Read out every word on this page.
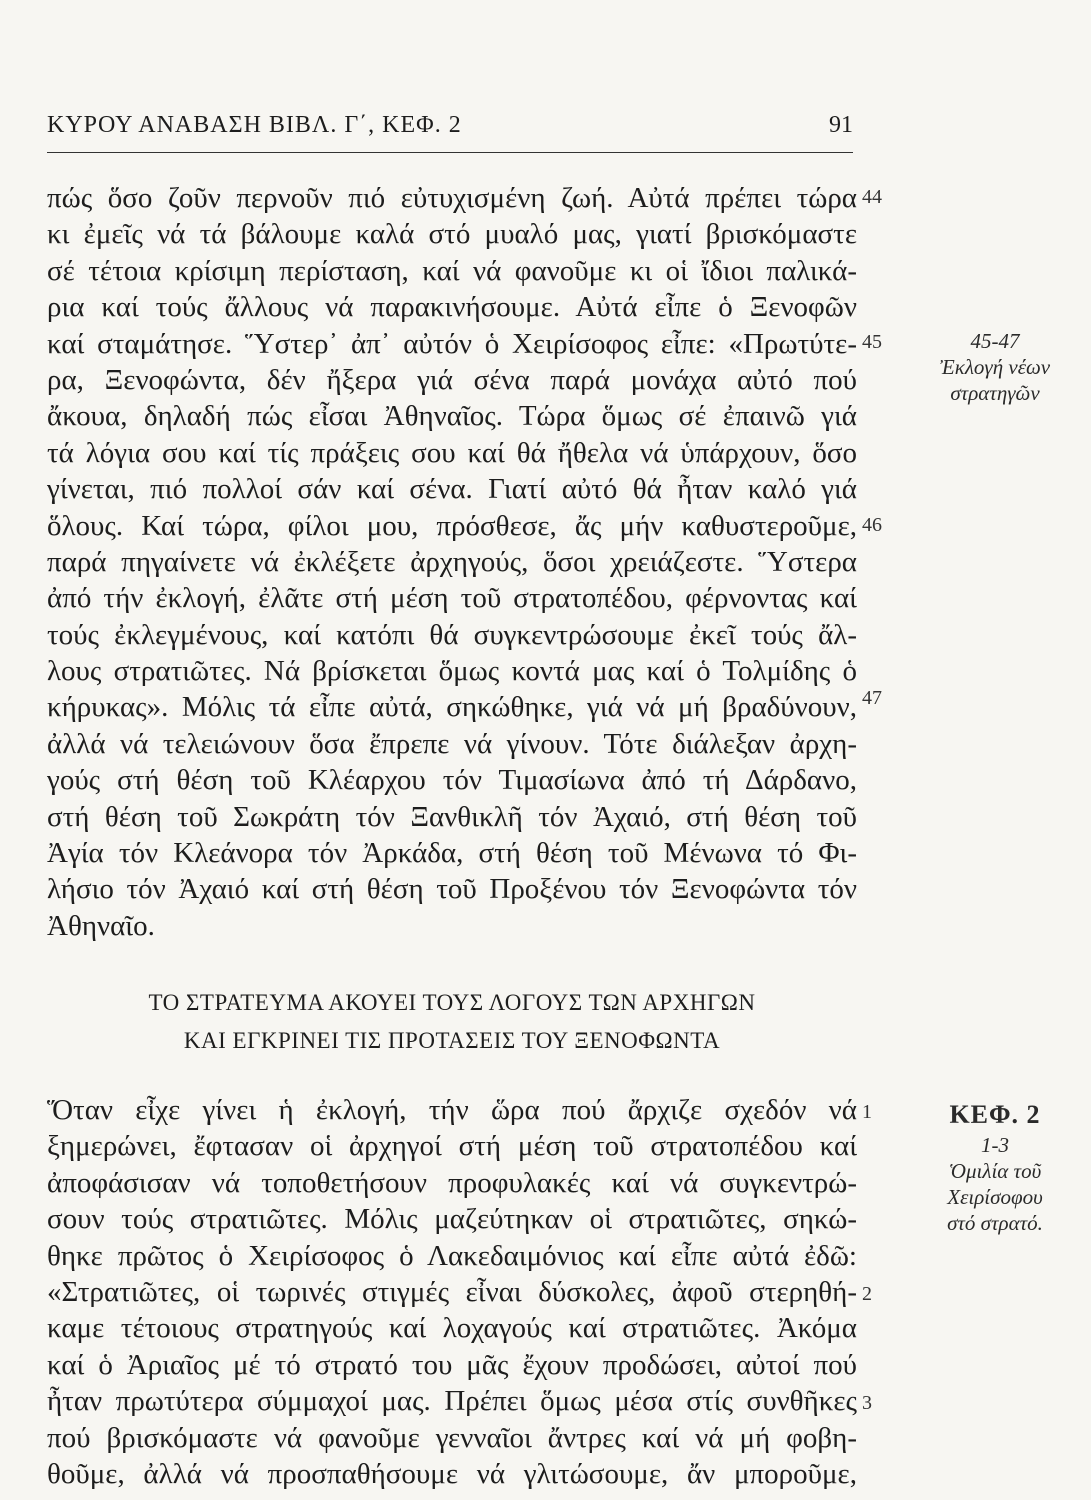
ΚΥΡΟΥ ΑΝΑΒΑΣΗ ΒΙΒΛ. Γ΄, ΚΕΦ. 2	91
πώς ὅσο ζοῦν περνοῦν πιό εὐτυχισμένη ζωή. Αὐτά πρέπει τώρα
κι ἐμεῖς νά τά βάλουμε καλά στό μυαλό μας, γιατί βρισκόμαστε
σέ τέτοια κρίσιμη περίσταση, καί νά φανοῦμε κι οἱ ἴδιοι παλικά-
ρια καί τούς ἄλλους νά παρακινήσουμε. Αὐτά εἶπε ὁ Ξενοφῶν
καί σταμάτησε. Ὕστερ᾽ ἀπ᾽ αὐτόν ὁ Χειρίσοφος εἶπε: «Πρωτύτε-
ρα, Ξενοφώντα, δέν ἤξερα γιά σένα παρά μονάχα αὐτό πού
ἄκουα, δηλαδή πώς εἶσαι Ἀθηναῖος. Τώρα ὅμως σέ ἐπαινῶ γιά
τά λόγια σου καί τίς πράξεις σου καί θά ἤθελα νά ὑπάρχουν, ὅσο
γίνεται, πιό πολλοί σάν καί σένα. Γιατί αὐτό θά ἦταν καλό γιά
ὅλους. Καί τώρα, φίλοι μου, πρόσθεσε, ἄς μήν καθυστεροῦμε,
παρά πηγαίνετε νά ἐκλέξετε ἀρχηγούς, ὅσοι χρειάζεστε. Ὕστερα
ἀπό τήν ἐκλογή, ἐλᾶτε στή μέση τοῦ στρατοπέδου, φέρνοντας καί
τούς ἐκλεγμένους, καί κατόπι θά συγκεντρώσουμε ἐκεῖ τούς ἄλ-
λους στρατιῶτες. Νά βρίσκεται ὅμως κοντά μας καί ὁ Τολμίδης ὁ
κήρυκας». Μόλις τά εἶπε αὐτά, σηκώθηκε, γιά νά μή βραδύνουν,
ἀλλά νά τελειώνουν ὅσα ἔπρεπε νά γίνουν. Τότε διάλεξαν ἀρχη-
γούς στή θέση τοῦ Κλέαρχου τόν Τιμασίωνα ἀπό τή Δάρδανο,
στή θέση τοῦ Σωκράτη τόν Ξανθικλῆ τόν Ἀχαιό, στή θέση τοῦ
Ἀγία τόν Κλεάνορα τόν Ἀρκάδα, στή θέση τοῦ Μένωνα τό Φι-
λήσιο τόν Ἀχαιό καί στή θέση τοῦ Προξένου τόν Ξενοφώντα τόν
Ἀθηναῖο.
ΤΟ ΣΤΡΑΤΕΥΜΑ ΑΚΟΥΕΙ ΤΟΥΣ ΛΟΓΟΥΣ ΤΩΝ ΑΡΧΗΓΩΝ
ΚΑΙ ΕΓΚΡΙΝΕΙ ΤΙΣ ΠΡΟΤΑΣΕΙΣ ΤΟΥ ΞΕΝΟΦΩΝΤΑ
Ὅταν εἶχε γίνει ἡ ἐκλογή, τήν ὥρα πού ἄρχιζε σχεδόν νά
ξημερώνει, ἔφτασαν οἱ ἀρχηγοί στή μέση τοῦ στρατοπέδου καί
ἀποφάσισαν νά τοποθετήσουν προφυλακές καί νά συγκεντρώ-
σουν τούς στρατιῶτες. Μόλις μαζεύτηκαν οἱ στρατιῶτες, σηκώ-
θηκε πρῶτος ὁ Χειρίσοφος ὁ Λακεδαιμόνιος καί εἶπε αὐτά ἐδῶ:
«Στρατιῶτες, οἱ τωρινές στιγμές εἶναι δύσκολες, ἀφοῦ στερηθή-
καμε τέτοιους στρατηγούς καί λοχαγούς καί στρατιῶτες. Ἀκόμα
καί ὁ Ἀριαῖος μέ τό στρατό του μᾶς ἔχουν προδώσει, αὐτοί πού
ἦταν πρωτύτερα σύμμαχοί μας. Πρέπει ὅμως μέσα στίς συνθῆκες
πού βρισκόμαστε νά φανοῦμε γενναῖοι ἄντρες καί νά μή φοβη-
θοῦμε, ἀλλά νά προσπαθήσουμε νά γλιτώσουμε, ἄν μποροῦμε,
44
45
46
47
1
2
3
45-47
Ἐκλογή νέων
στρατηγῶν
ΚΕΦ. 2
1-3
Ὁμιλία τοῦ
Χειρίσοφου
στό στρατό.
